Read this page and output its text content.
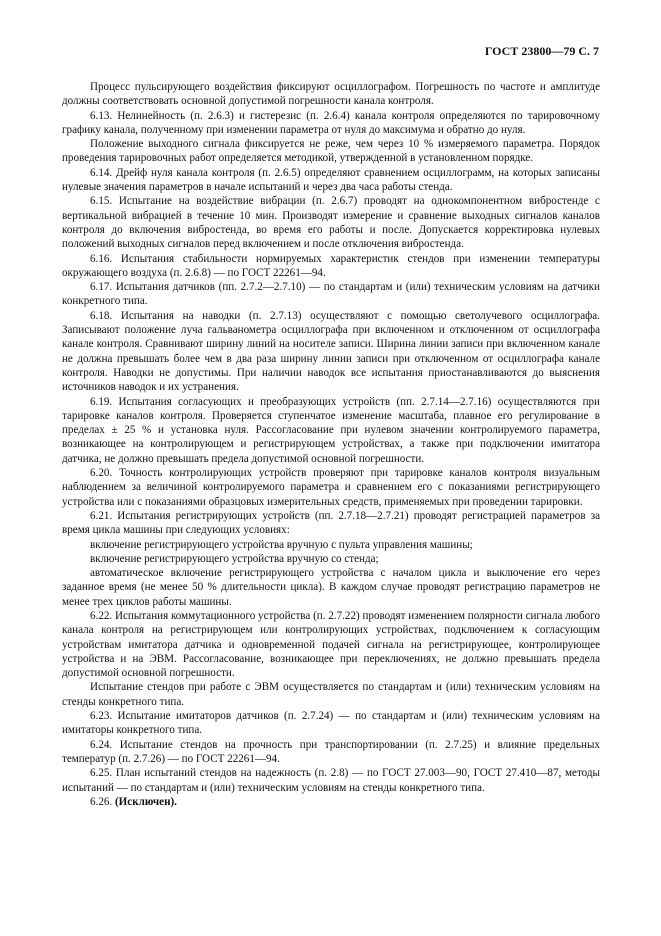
ГОСТ 23800—79 С. 7

Процесс пульсирующего воздействия фиксируют осциллографом. Погрешность по частоте и амплитуде должны соответствовать основной допустимой погрешности канала контроля.

6.13. Нелинейность (п. 2.6.3) и гистерезис (п. 2.6.4) канала контроля определяются по тарировочному графику канала, полученному при изменении параметра от нуля до максимума и обратно до нуля.

Положение выходного сигнала фиксируется не реже, чем через 10 % измеряемого параметра. Порядок проведения тарировочных работ определяется методикой, утвержденной в установленном порядке.

6.14. Дрейф нуля канала контроля (п. 2.6.5) определяют сравнением осциллограмм, на которых записаны нулевые значения параметров в начале испытаний и через два часа работы стенда.

6.15. Испытание на воздействие вибрации (п. 2.6.7) проводят на однокомпонентном вибростенде с вертикальной вибрацией в течение 10 мин. Производят измерение и сравнение выходных сигналов каналов контроля до включения вибростенда, во время его работы и после. Допускается корректировка нулевых положений выходных сигналов перед включением и после отключения вибростенда.

6.16. Испытания стабильности нормируемых характеристик стендов при изменении температуры окружающего воздуха (п. 2.6.8) — по ГОСТ 22261—94.

6.17. Испытания датчиков (пп. 2.7.2—2.7.10) — по стандартам и (или) техническим условиям на датчики конкретного типа.

6.18. Испытания на наводки (п. 2.7.13) осуществляют с помощью светолучевого осциллографа. Записывают положение луча гальванометра осциллографа при включенном и отключенном от осциллографа канале контроля. Сравнивают ширину линий на носителе записи. Ширина линии записи при включенном канале не должна превышать более чем в два раза ширину линии записи при отключенном от осциллографа канале контроля. Наводки не допустимы. При наличии наводок все испытания приостанавливаются до выяснения источников наводок и их устранения.

6.19. Испытания согласующих и преобразующих устройств (пп. 2.7.14—2.7.16) осуществляются при тарировке каналов контроля. Проверяется ступенчатое изменение масштаба, плавное его регулирование в пределах ± 25 % и установка нуля. Рассогласование при нулевом значении контролируемого параметра, возникающее на контролирующем и регистрирующем устройствах, а также при подключении имитатора датчика, не должно превышать предела допустимой основной погрешности.

6.20. Точность контролирующих устройств проверяют при тарировке каналов контроля визуальным наблюдением за величиной контролируемого параметра и сравнением его с показаниями регистрирующего устройства или с показаниями образцовых измерительных средств, применяемых при проведении тарировки.

6.21. Испытания регистрирующих устройств (пп. 2.7.18—2.7.21) проводят регистрацией параметров за время цикла машины при следующих условиях:

включение регистрирующего устройства вручную с пульта управления машины;

включение регистрирующего устройства вручную со стенда;

автоматическое включение регистрирующего устройства с началом цикла и выключение его через заданное время (не менее 50 % длительности цикла). В каждом случае проводят регистрацию параметров не менее трех циклов работы машины.

6.22. Испытания коммутационного устройства (п. 2.7.22) проводят изменением полярности сигнала любого канала контроля на регистрирующем или контролирующих устройствах, подключением к согласующим устройствам имитатора датчика и одновременной подачей сигнала на регистрирующее, контролирующее устройства и на ЭВМ. Рассогласование, возникающее при переключениях, не должно превышать предела допустимой основной погрешности.

Испытание стендов при работе с ЭВМ осуществляется по стандартам и (или) техническим условиям на стенды конкретного типа.

6.23. Испытание имитаторов датчиков (п. 2.7.24) — по стандартам и (или) техническим условиям на имитаторы конкретного типа.

6.24. Испытание стендов на прочность при транспортировании (п. 2.7.25) и влияние предельных температур (п. 2.7.26) — по ГОСТ 22261—94.

6.25. План испытаний стендов на надежность (п. 2.8) — по ГОСТ 27.003—90, ГОСТ 27.410—87, методы испытаний — по стандартам и (или) техническим условиям на стенды конкретного типа.

6.26. (Исключен).
